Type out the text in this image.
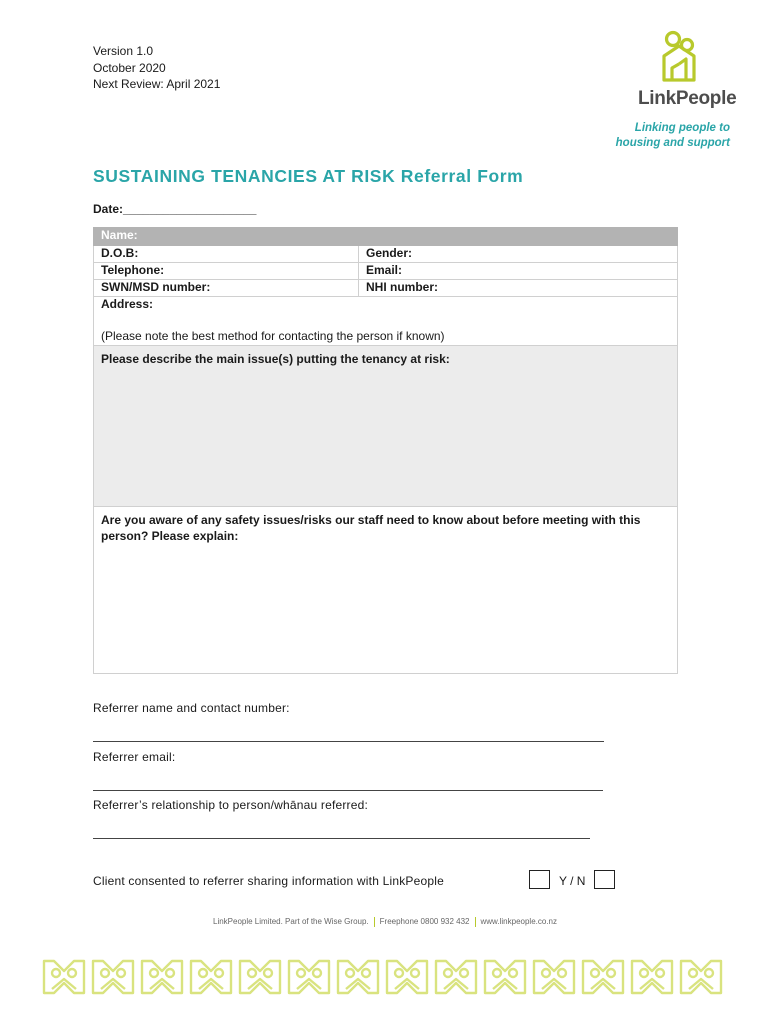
Version 1.0
October 2020
Next Review: April 2021
LinkPeople
Linking people to
housing and support
SUSTAINING TENANCIES AT RISK Referral Form
Date:____________________
Name:	
D.O.B:	Gender:
Telephone:	Email:
SWN/MSD number:	NHI number:
Address:
(Please note the best method for contacting the person if known)	

Please describe the main issue(s) putting the tenancy at risk:	
Are you aware of any safety issues/risks our staff need to know about before meeting with this person? Please explain:	
Referrer name and contact number:
Referrer email:
Referrer’s relationship to person/whānau referred:
Client consented to referrer sharing information with LinkPeople	Y / N
LinkPeople Limited. Part of the Wise Group. Freephone 0800 932 432 www.linkpeople.co.nz
